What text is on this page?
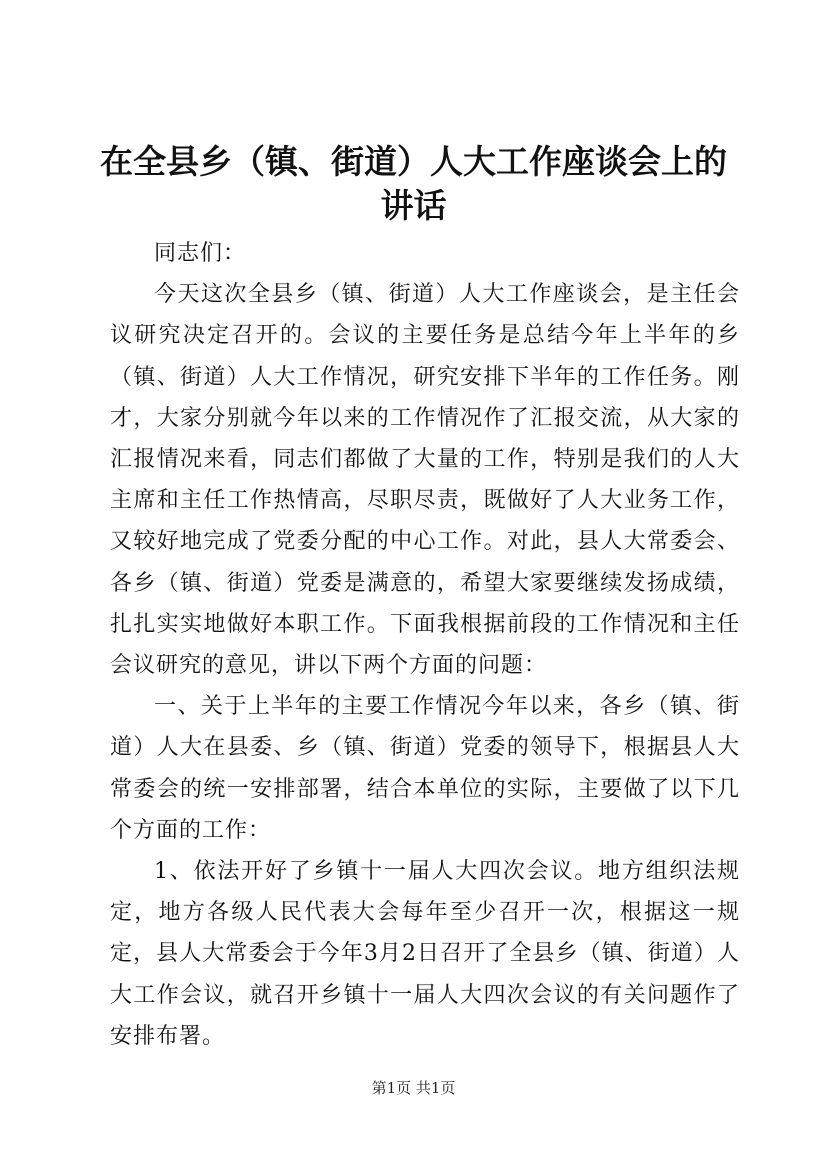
在全县乡（镇、街道）人大工作座谈会上的讲话

同志们：

今天这次全县乡（镇、街道）人大工作座谈会，是主任会议研究决定召开的。会议的主要任务是总结今年上半年的乡（镇、街道）人大工作情况，研究安排下半年的工作任务。刚才，大家分别就今年以来的工作情况作了汇报交流，从大家的汇报情况来看，同志们都做了大量的工作，特别是我们的人大主席和主任工作热情高，尽职尽责，既做好了人大业务工作，又较好地完成了党委分配的中心工作。对此，县人大常委会、各乡（镇、街道）党委是满意的，希望大家要继续发扬成绩，扎扎实实地做好本职工作。下面我根据前段的工作情况和主任会议研究的意见，讲以下两个方面的问题：

一、关于上半年的主要工作情况今年以来，各乡（镇、街道）人大在县委、乡（镇、街道）党委的领导下，根据县人大常委会的统一安排部署，结合本单位的实际，主要做了以下几个方面的工作：

1、依法开好了乡镇十一届人大四次会议。地方组织法规定，地方各级人民代表大会每年至少召开一次，根据这一规定，县人大常委会于今年3月2日召开了全县乡（镇、街道）人大工作会议，就召开乡镇十一届人大四次会议的有关问题作了安排布署。

第1页 共1页
